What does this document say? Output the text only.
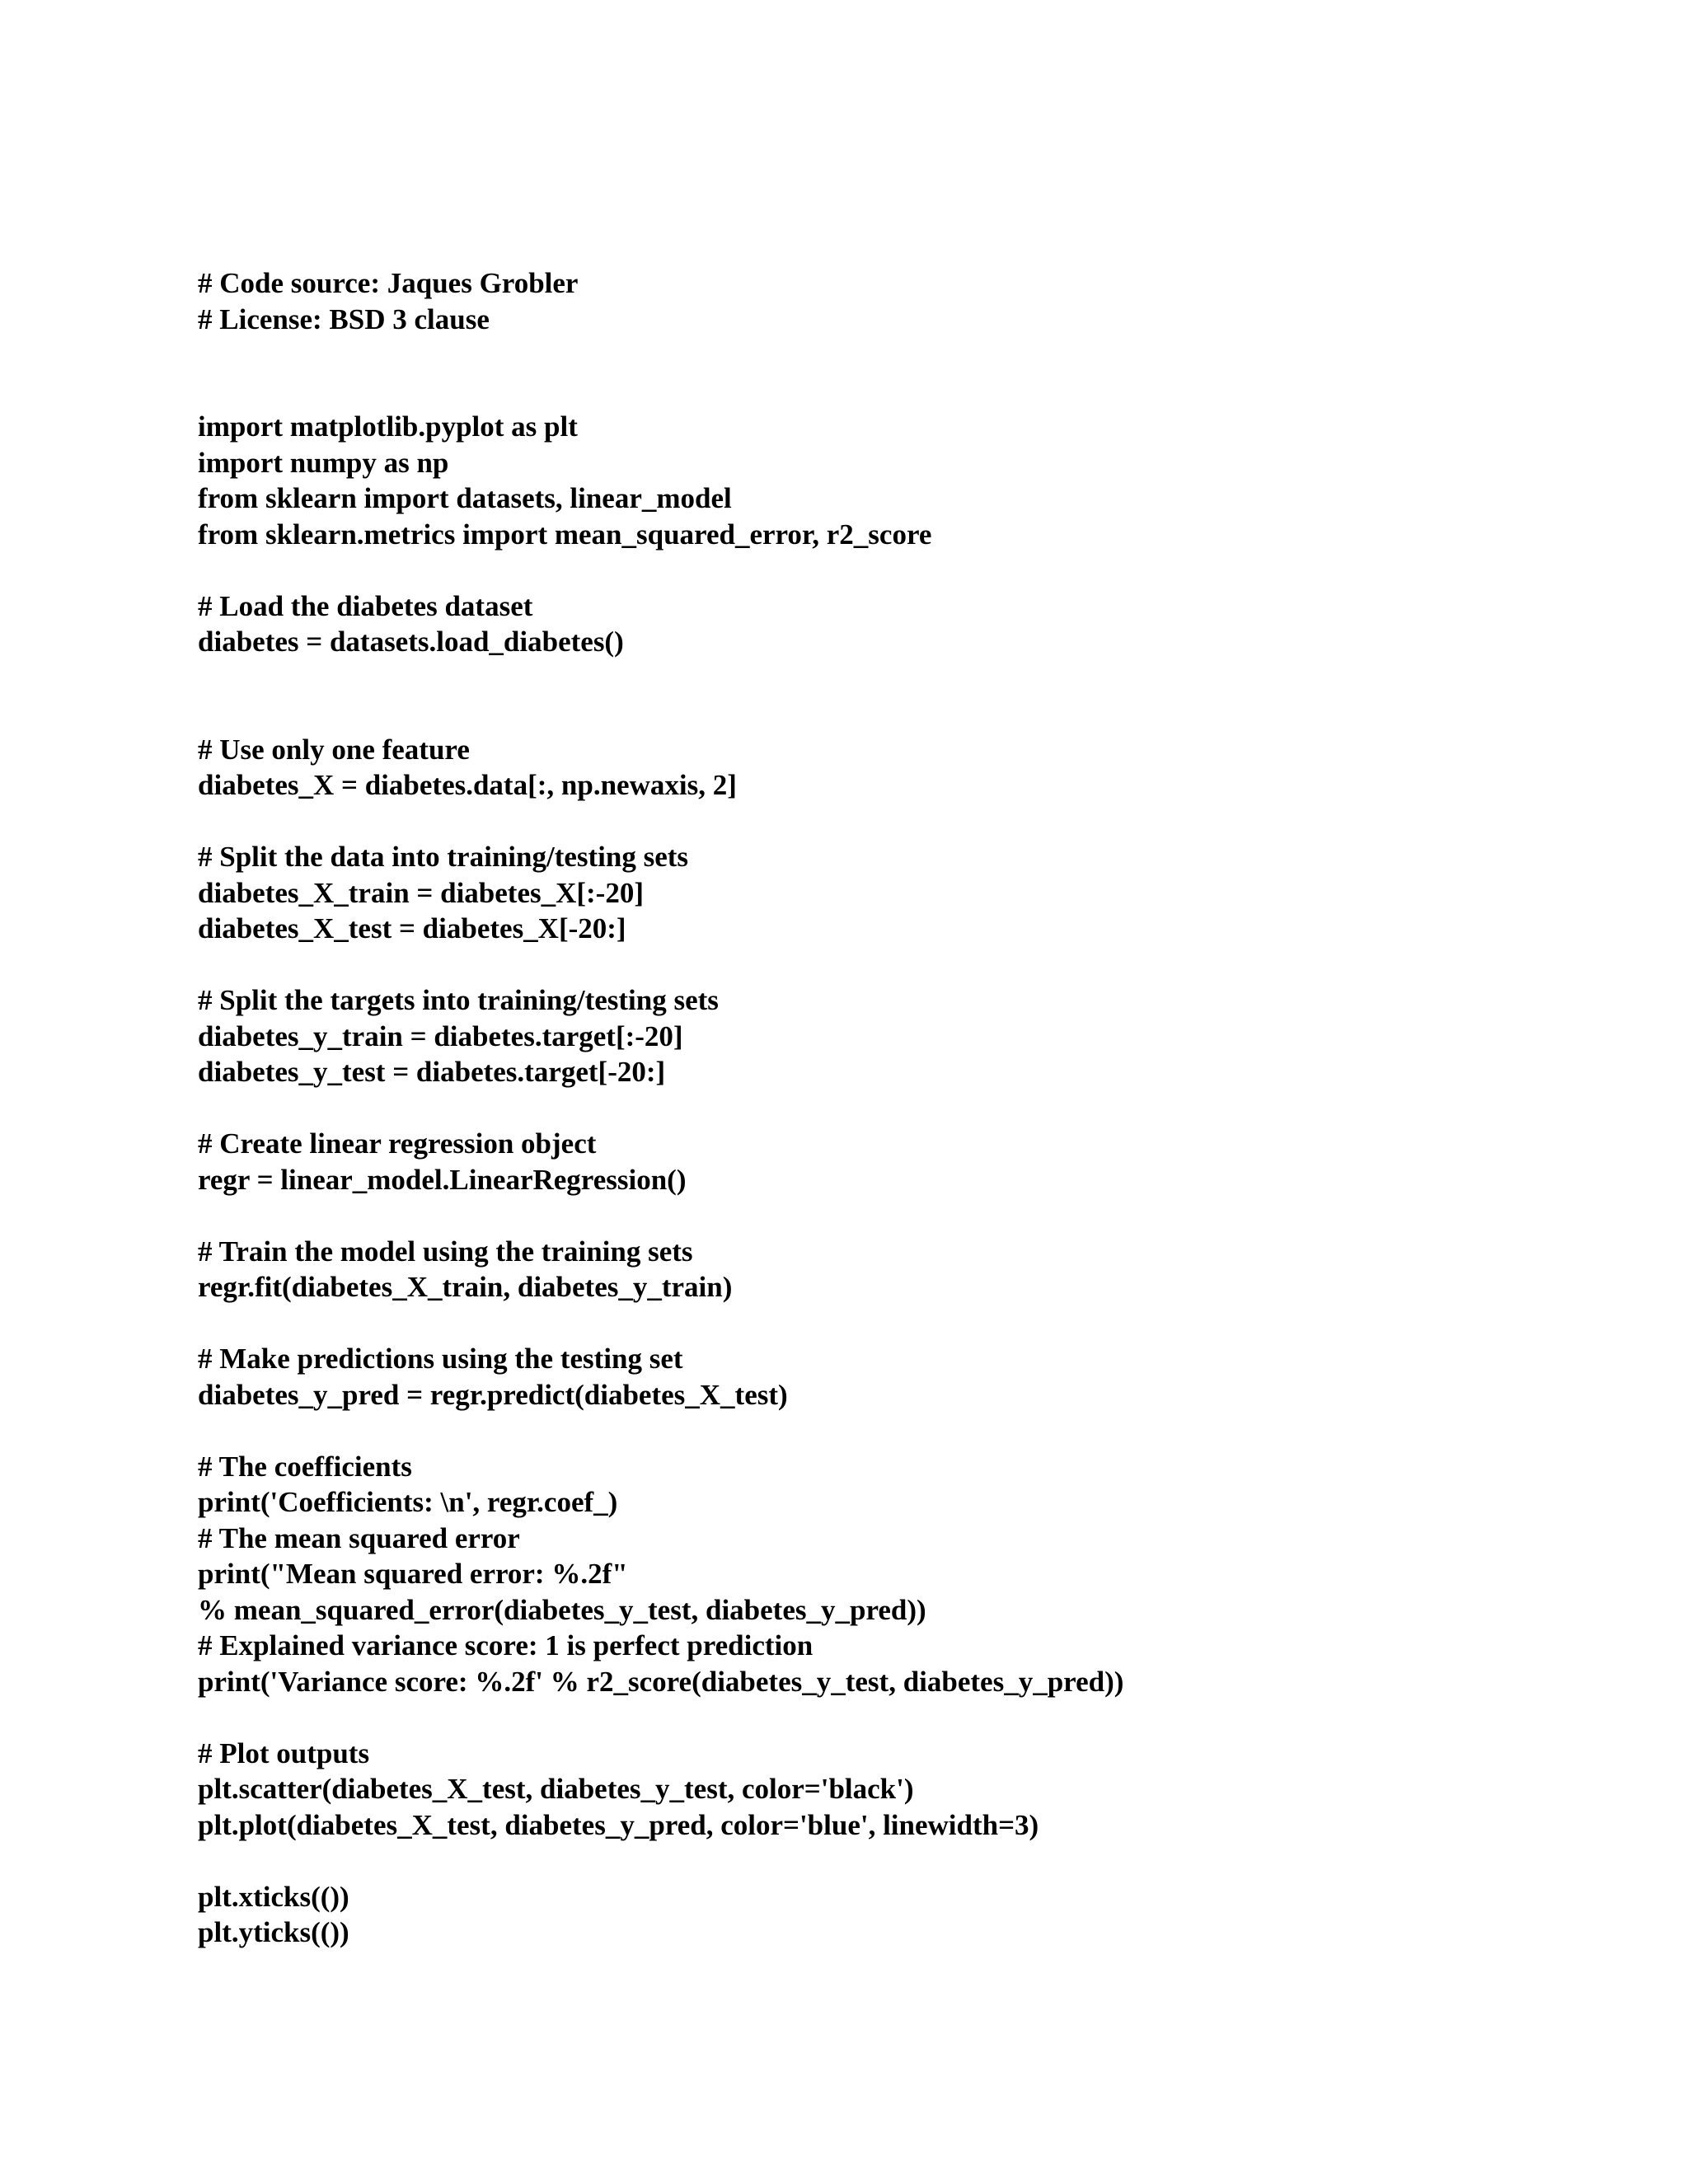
# Code source: Jaques Grobler
# License: BSD 3 clause
import matplotlib.pyplot as plt
import numpy as np
from sklearn import datasets, linear_model
from sklearn.metrics import mean_squared_error, r2_score
# Load the diabetes dataset
diabetes = datasets.load_diabetes()
# Use only one feature
diabetes_X = diabetes.data[:, np.newaxis, 2]
# Split the data into training/testing sets
diabetes_X_train = diabetes_X[:-20]
diabetes_X_test = diabetes_X[-20:]
# Split the targets into training/testing sets
diabetes_y_train = diabetes.target[:-20]
diabetes_y_test = diabetes.target[-20:]
# Create linear regression object
regr = linear_model.LinearRegression()
# Train the model using the training sets
regr.fit(diabetes_X_train, diabetes_y_train)
# Make predictions using the testing set
diabetes_y_pred = regr.predict(diabetes_X_test)
# The coefficients
print('Coefficients: \n', regr.coef_)
# The mean squared error
print("Mean squared error: %.2f"
% mean_squared_error(diabetes_y_test, diabetes_y_pred))
# Explained variance score: 1 is perfect prediction
print('Variance score: %.2f' % r2_score(diabetes_y_test, diabetes_y_pred))
# Plot outputs
plt.scatter(diabetes_X_test, diabetes_y_test, color='black')
plt.plot(diabetes_X_test, diabetes_y_pred, color='blue', linewidth=3)
plt.xticks(())
plt.yticks(())
